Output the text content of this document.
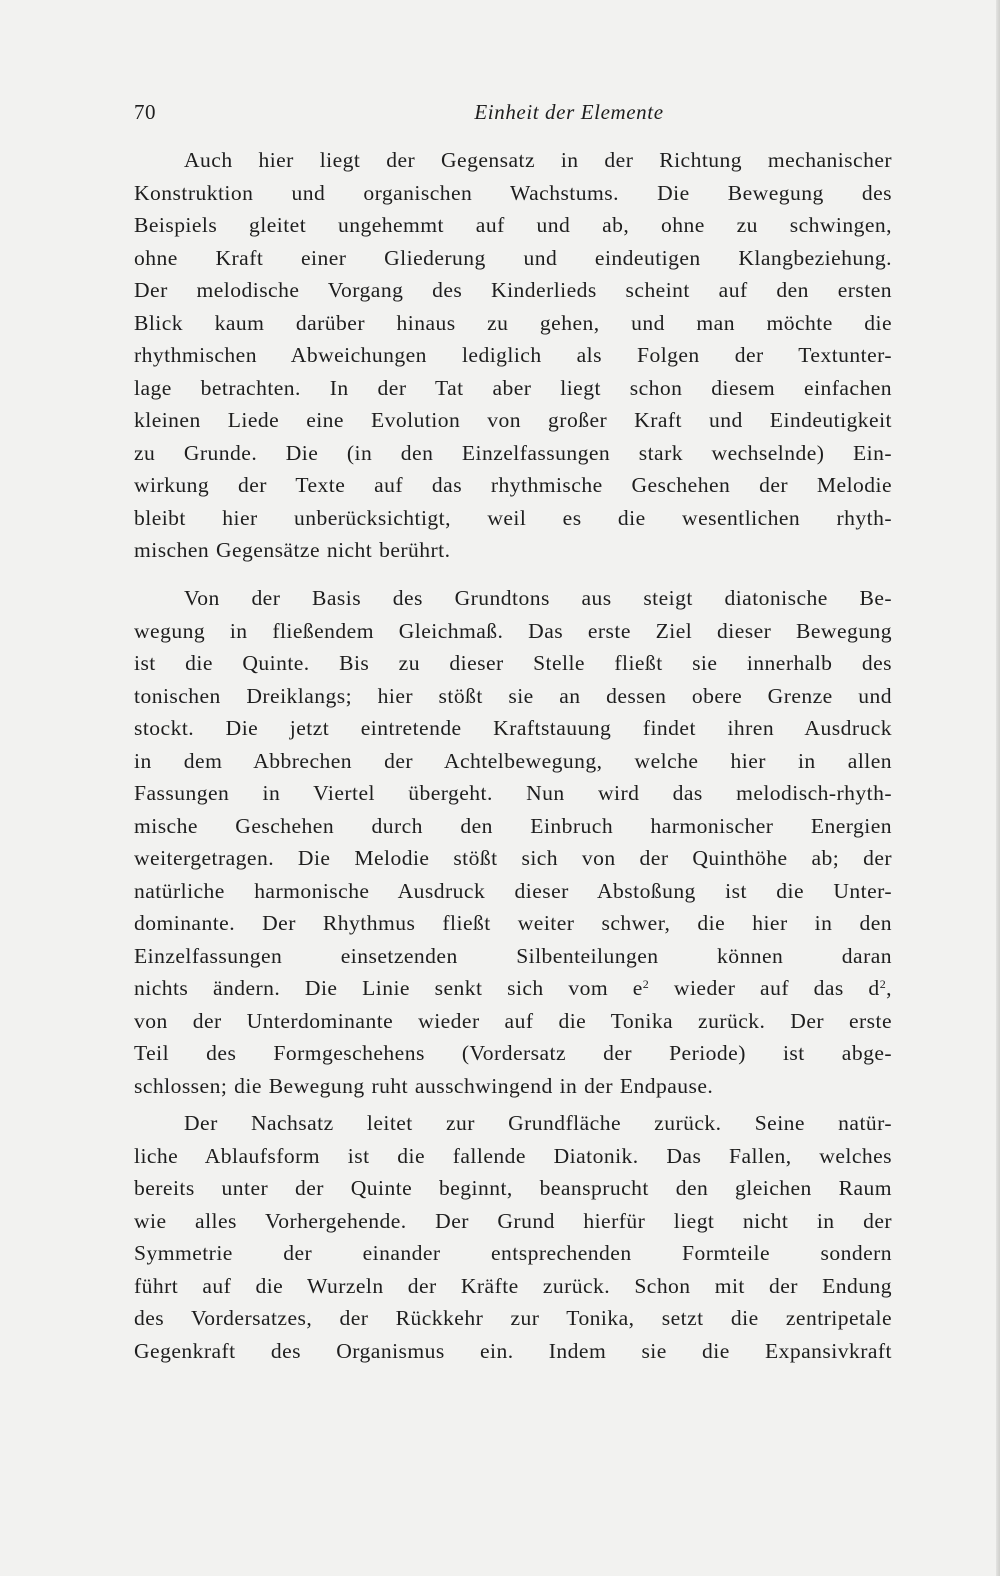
70	Einheit der Elemente
Auch hier liegt der Gegensatz in der Richtung mechanischer
Konstruktion und organischen Wachstums. Die Bewegung des
Beispiels gleitet ungehemmt auf und ab, ohne zu schwingen,
ohne Kraft einer Gliederung und eindeutigen Klangbeziehung.
Der melodische Vorgang des Kinderlieds scheint auf den ersten
Blick kaum darüber hinaus zu gehen, und man möchte die
rhythmischen Abweichungen lediglich als Folgen der Textunter-
lage betrachten. In der Tat aber liegt schon diesem einfachen
kleinen Liede eine Evolution von großer Kraft und Eindeutigkeit
zu Grunde. Die (in den Einzelfassungen stark wechselnde) Ein-
wirkung der Texte auf das rhythmische Geschehen der Melodie
bleibt hier unberücksichtigt, weil es die wesentlichen rhyth-
mischen Gegensätze nicht berührt.
Von der Basis des Grundtons aus steigt diatonische Be-
wegung in fließendem Gleichmaß. Das erste Ziel dieser Bewegung
ist die Quinte. Bis zu dieser Stelle fließt sie innerhalb des
tonischen Dreiklangs; hier stößt sie an dessen obere Grenze und
stockt. Die jetzt eintretende Kraftstauung findet ihren Ausdruck
in dem Abbrechen der Achtelbewegung, welche hier in allen
Fassungen in Viertel übergeht. Nun wird das melodisch-rhyth-
mische Geschehen durch den Einbruch harmonischer Energien
weitergetragen. Die Melodie stößt sich von der Quinthöhe ab; der
natürliche harmonische Ausdruck dieser Abstoßung ist die Unter-
dominante. Der Rhythmus fließt weiter schwer, die hier in den
Einzelfassungen einsetzenden Silbenteilungen können daran
nichts ändern. Die Linie senkt sich vom $e^2$ wieder auf das $d^2$,
von der Unterdominante wieder auf die Tonika zurück. Der erste
Teil des Formgeschehens (Vordersatz der Periode) ist abge-
schlossen; die Bewegung ruht ausschwingend in der Endpause.
Der Nachsatz leitet zur Grundfläche zurück. Seine natür-
liche Ablaufsform ist die fallende Diatonik. Das Fallen, welches
bereits unter der Quinte beginnt, beansprucht den gleichen Raum
wie alles Vorhergehende. Der Grund hierfür liegt nicht in der
Symmetrie der einander entsprechenden Formteile sondern
führt auf die Wurzeln der Kräfte zurück. Schon mit der Endung
des Vordersatzes, der Rückkehr zur Tonika, setzt die zentripetale
Gegenkraft des Organismus ein. Indem sie die Expansivkraft
